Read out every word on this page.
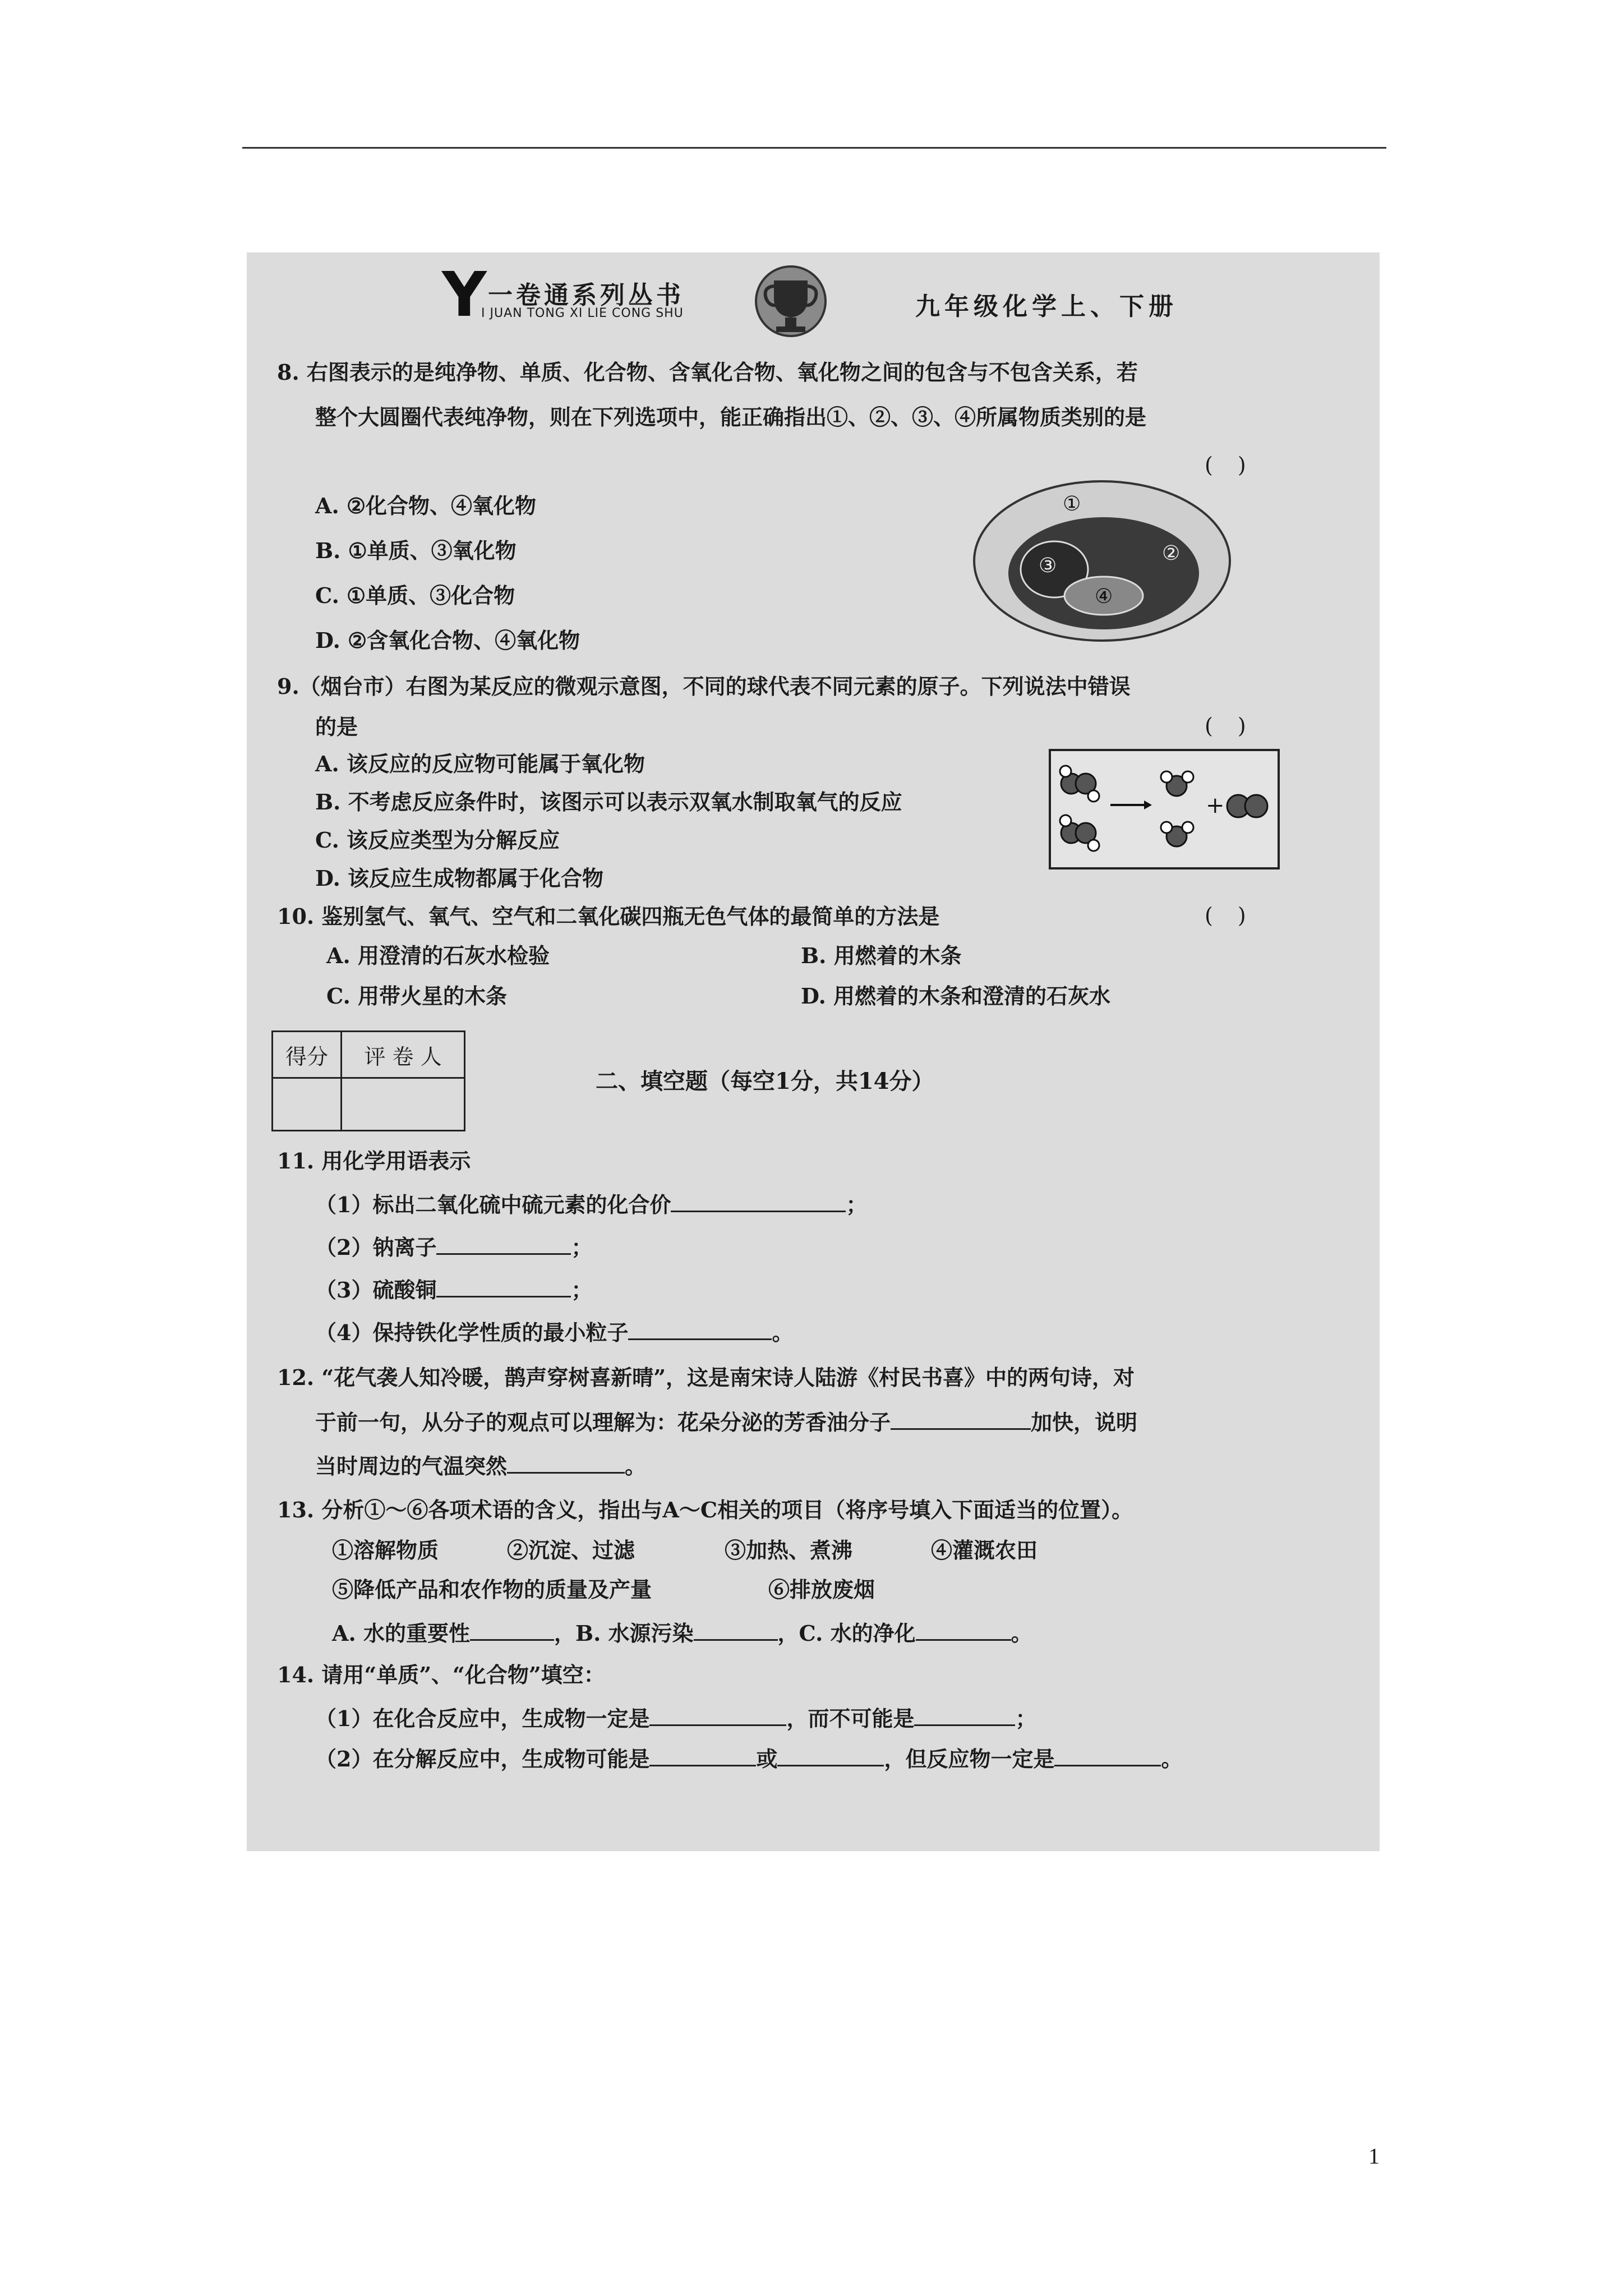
Y 一卷通系列丛书
I JUAN TONG XI LIE CONG SHU	九年级化学上、下册
8. 右图表示的是纯净物、单质、化合物、含氧化合物、氧化物之间的包含与不包含关系，若
整个大圆圈代表纯净物，则在下列选项中，能正确指出①、②、③、④所属物质类别的是
()
A. ②化合物、④氧化物
B. ①单质、③氧化物
C. ①单质、③化合物
D. ②含氧化合物、④氧化物
①
②
③
④
9.（烟台市）右图为某反应的微观示意图，不同的球代表不同元素的原子。下列说法中错误
的是	()
A. 该反应的反应物可能属于氧化物
B. 不考虑反应条件时，该图示可以表示双氧水制取氧气的反应
C. 该反应类型为分解反应
D. 该反应生成物都属于化合物
+
10. 鉴别氢气、氧气、空气和二氧化碳四瓶无色气体的最简单的方法是	()
A. 用澄清的石灰水检验	B. 用燃着的木条
C. 用带火星的木条	D. 用燃着的木条和澄清的石灰水
得分	评 卷 人

二、填空题（每空1分，共14分）
11. 用化学用语表示
（1）标出二氧化硫中硫元素的化合价	；
（2）钠离子	；
（3）硫酸铜	；
（4）保持铁化学性质的最小粒子	。
12. “花气袭人知冷暖，鹊声穿树喜新晴”，这是南宋诗人陆游《村民书喜》中的两句诗，对
于前一句，从分子的观点可以理解为：花朵分泌的芳香油分子	加快，说明
当时周边的气温突然	。
13. 分析①～⑥各项术语的含义，指出与A～C相关的项目（将序号填入下面适当的位置）。
①溶解物质	②沉淀、过滤	③加热、煮沸	④灌溉农田
⑤降低产品和农作物的质量及产量	⑥排放废烟
A. 水的重要性	，B. 水源污染	，C. 水的净化	。
14. 请用“单质”、“化合物”填空：
（1）在化合反应中，生成物一定是	，而不可能是	；
（2）在分解反应中，生成物可能是	或	，但反应物一定是	。
1
